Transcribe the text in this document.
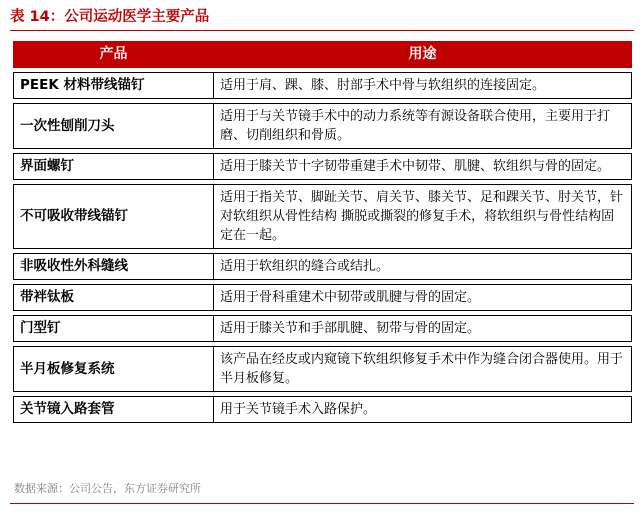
表 14：公司运动医学主要产品
产品	用途

PEEK 材料带线锚钉	适用于肩、踝、膝、肘部手术中骨与软组织的连接固定。

一次性刨削刀头	适用于与关节镜手术中的动力系统等有源设备联合使用，主要用于打磨、切削组织和骨质。

界面螺钉	适用于膝关节十字韧带重建手术中韧带、肌腱、软组织与骨的固定。

不可吸收带线锚钉	适用于指关节、脚趾关节、肩关节、膝关节、足和踝关节、肘关节，针对软组织从骨性结构 撕脱或撕裂的修复手术，将软组织与骨性结构固定在一起。

非吸收性外科缝线	适用于软组织的缝合或结扎。

带袢钛板	适用于骨科重建术中韧带或肌腱与骨的固定。

门型钉	适用于膝关节和手部肌腱、韧带与骨的固定。

半月板修复系统	该产品在经皮或内窥镜下软组织修复手术中作为缝合闭合器使用。用于半月板修复。

关节镜入路套管	用于关节镜手术入路保护。
数据来源：公司公告，东方证券研究所
